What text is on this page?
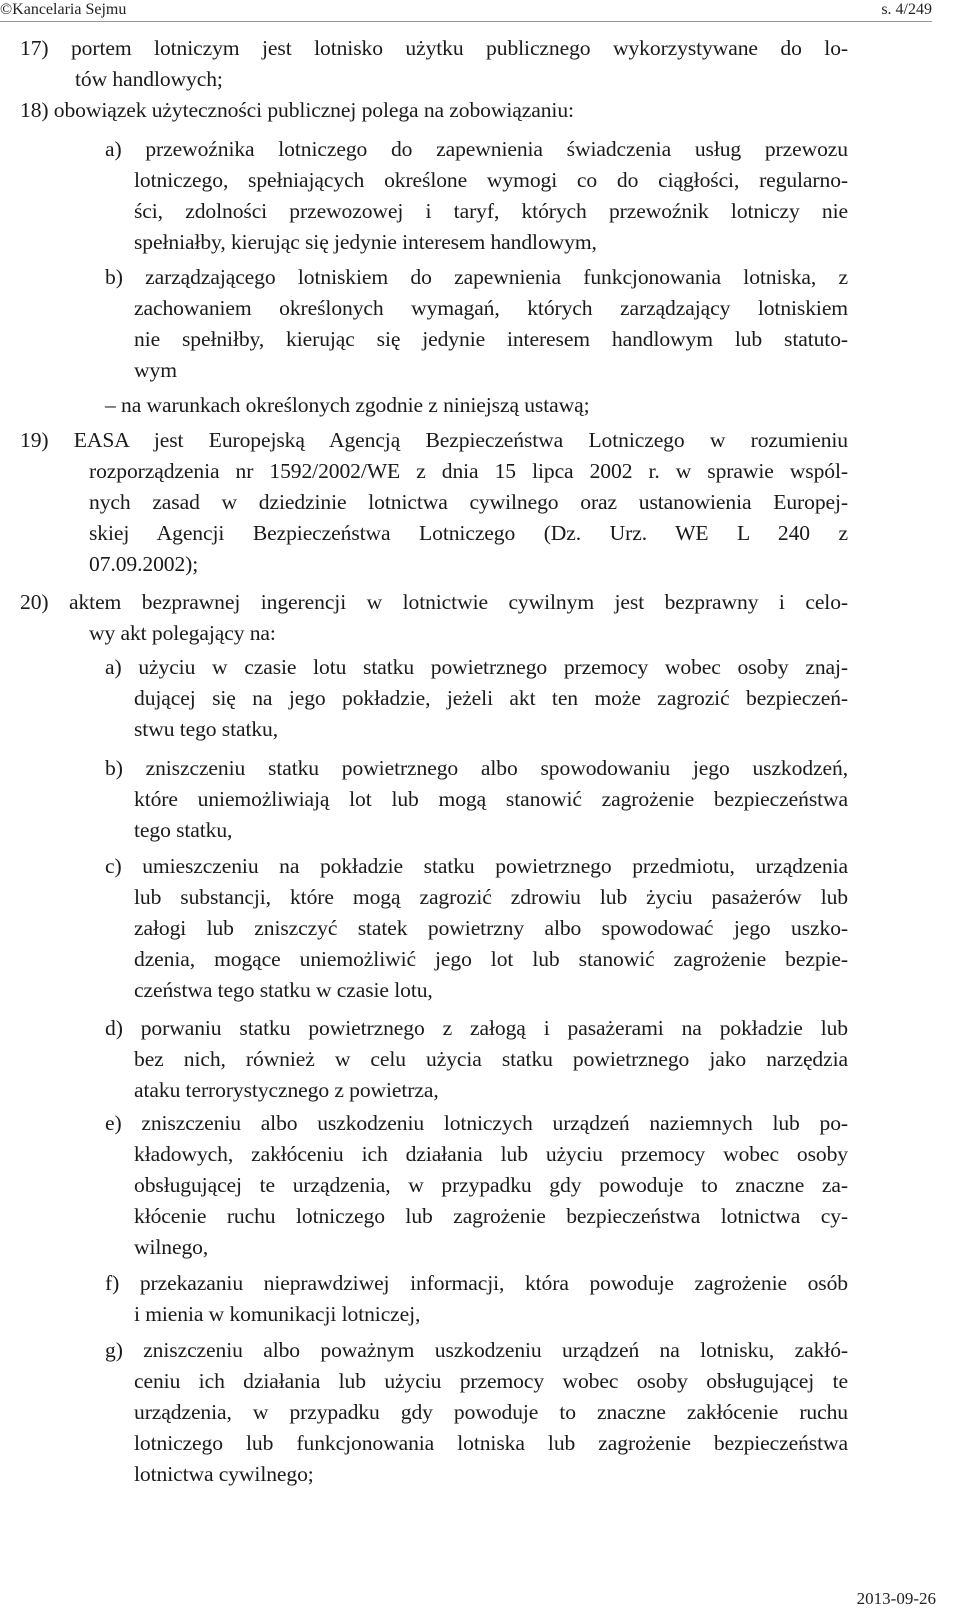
©Kancelaria Sejmu	s. 4/249
17) portem lotniczym jest lotnisko użytku publicznego wykorzystywane do lo-
tów handlowych;
18) obowiązek użyteczności publicznej polega na zobowiązaniu:
a) przewoźnika lotniczego do zapewnienia świadczenia usług przewozu
lotniczego, spełniających określone wymogi co do ciągłości, regularno-
ści, zdolności przewozowej i taryf, których przewoźnik lotniczy nie
spełniałby, kierując się jedynie interesem handlowym,
b) zarządzającego lotniskiem do zapewnienia funkcjonowania lotniska, z
zachowaniem określonych wymagań, których zarządzający lotniskiem
nie spełniłby, kierując się jedynie interesem handlowym lub statuto-
wym
– na warunkach określonych zgodnie z niniejszą ustawą;
19) EASA jest Europejską Agencją Bezpieczeństwa Lotniczego w rozumieniu
rozporządzenia nr 1592/2002/WE z dnia 15 lipca 2002 r. w sprawie wspól-
nych zasad w dziedzinie lotnictwa cywilnego oraz ustanowienia Europej-
skiej Agencji Bezpieczeństwa Lotniczego (Dz. Urz. WE L 240 z
07.09.2002);
20) aktem bezprawnej ingerencji w lotnictwie cywilnym jest bezprawny i celo-
wy akt polegający na:
a) użyciu w czasie lotu statku powietrznego przemocy wobec osoby znaj-
dującej się na jego pokładzie, jeżeli akt ten może zagrozić bezpieczeń-
stwu tego statku,
b) zniszczeniu statku powietrznego albo spowodowaniu jego uszkodzeń,
które uniemożliwiają lot lub mogą stanowić zagrożenie bezpieczeństwa
tego statku,
c) umieszczeniu na pokładzie statku powietrznego przedmiotu, urządzenia
lub substancji, które mogą zagrozić zdrowiu lub życiu pasażerów lub
załogi lub zniszczyć statek powietrzny albo spowodować jego uszko-
dzenia, mogące uniemożliwić jego lot lub stanowić zagrożenie bezpie-
czeństwa tego statku w czasie lotu,
d) porwaniu statku powietrznego z załogą i pasażerami na pokładzie lub
bez nich, również w celu użycia statku powietrznego jako narzędzia
ataku terrorystycznego z powietrza,
e) zniszczeniu albo uszkodzeniu lotniczych urządzeń naziemnych lub po-
kładowych, zakłóceniu ich działania lub użyciu przemocy wobec osoby
obsługującej te urządzenia, w przypadku gdy powoduje to znaczne za-
kłócenie ruchu lotniczego lub zagrożenie bezpieczeństwa lotnictwa cy-
wilnego,
f) przekazaniu nieprawdziwej informacji, która powoduje zagrożenie osób
i mienia w komunikacji lotniczej,
g) zniszczeniu albo poważnym uszkodzeniu urządzeń na lotnisku, zakłó-
ceniu ich działania lub użyciu przemocy wobec osoby obsługującej te
urządzenia, w przypadku gdy powoduje to znaczne zakłócenie ruchu
lotniczego lub funkcjonowania lotniska lub zagrożenie bezpieczeństwa
lotnictwa cywilnego;
2013-09-26
